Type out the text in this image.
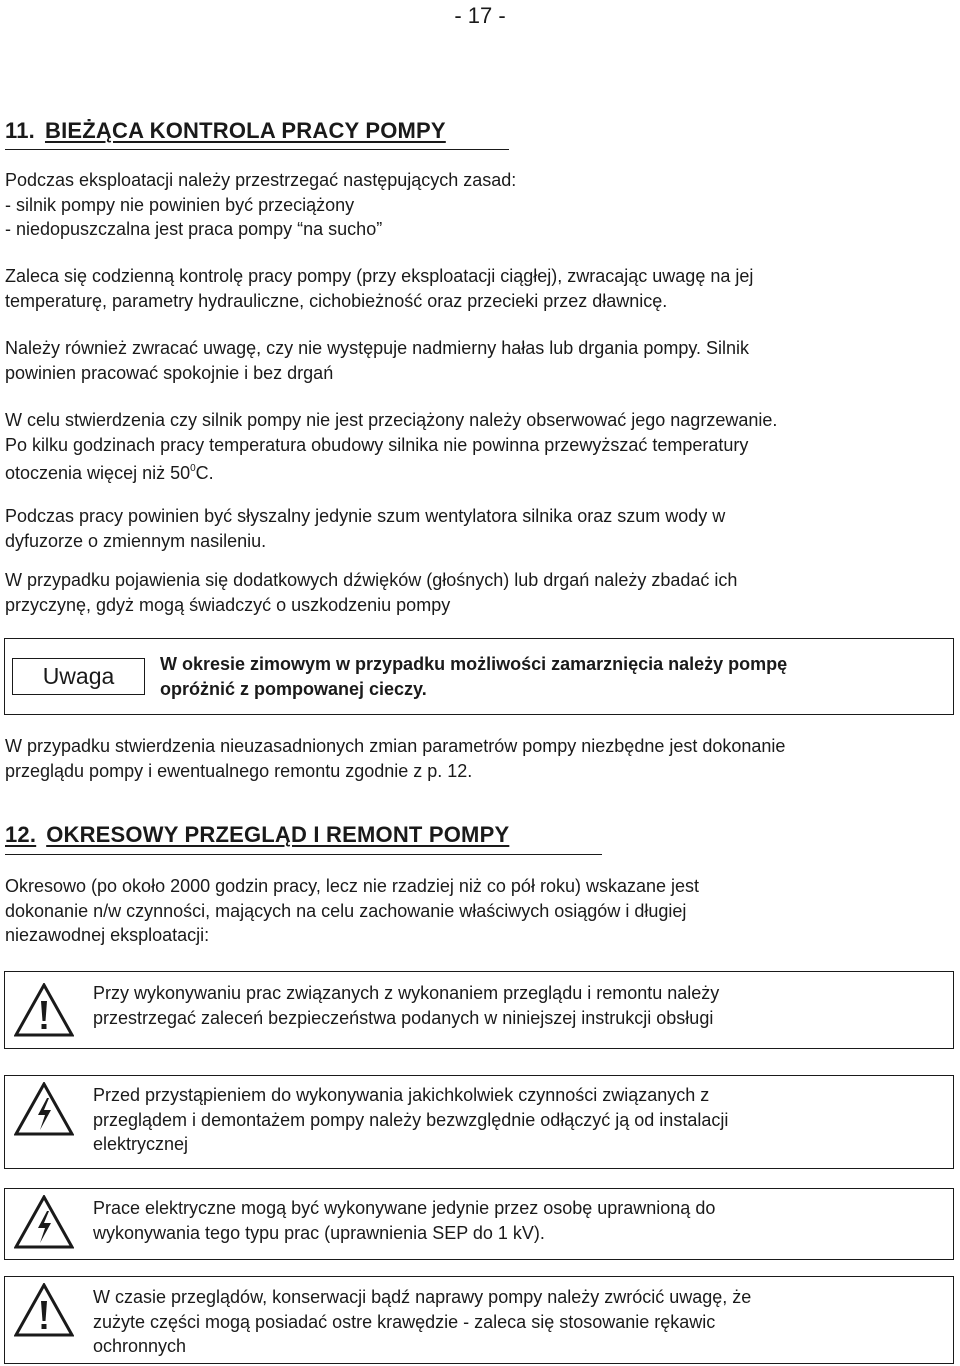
- 17 -
11. BIEŻĄCA KONTROLA PRACY POMPY

Podczas eksploatacji należy przestrzegać następujących zasad:

- silnik pompy nie powinien być przeciążony

- niedopuszczalna jest praca pompy “na sucho”

Zaleca się codzienną kontrolę pracy pompy (przy eksploatacji ciągłej), zwracając uwagę na jej

temperaturę, parametry hydrauliczne, cichobieżność oraz przecieki przez dławnicę.

Należy również zwracać uwagę, czy nie występuje nadmierny hałas lub drgania pompy. Silnik

powinien pracować spokojnie i bez drgań

W celu stwierdzenia czy silnik pompy nie jest przeciążony należy obserwować jego nagrzewanie.

Po kilku godzinach pracy temperatura obudowy silnika nie powinna przewyższać temperatury

otoczenia więcej niż $50^0C$.

Podczas pracy powinien być słyszalny jedynie szum wentylatora silnika oraz szum wody w

dyfuzorze o zmiennym nasileniu.

W przypadku pojawienia się dodatkowych dźwięków (głośnych) lub drgań należy zbadać ich

przyczynę, gdyż mogą świadczyć o uszkodzeniu pompy

Uwaga	W okresie zimowym w przypadku możliwości zamarznięcia należy pompę
opróżnić z pompowanej cieczy.

W przypadku stwierdzenia nieuzasadnionych zmian parametrów pompy niezbędne jest dokonanie

przeglądu pompy i ewentualnego remontu zgodnie z p. 12.

12. OKRESOWY PRZEGLĄD I REMONT POMPY

Okresowo (po około 2000 godzin pracy, lecz nie rzadziej niż co pół roku) wskazane jest

dokonanie n/w czynności, mających na celu zachowanie właściwych osiągów i długiej

niezawodnej eksploatacji:

Przy wykonywaniu prac związanych z wykonaniem przeglądu i remontu należy
przestrzegać zaleceń bezpieczeństwa podanych w niniejszej instrukcji obsługi
Przed przystąpieniem do wykonywania jakichkolwiek czynności związanych z
przeglądem i demontażem pompy należy bezwzględnie odłączyć ją od instalacji
elektrycznej
Prace elektryczne mogą być wykonywane jedynie przez osobę uprawnioną do
wykonywania tego typu prac (uprawnienia SEP do 1 kV).
W czasie przeglądów, konserwacji bądź naprawy pompy należy zwrócić uwagę, że
zużyte części mogą posiadać ostre krawędzie - zaleca się stosowanie rękawic
ochronnych
